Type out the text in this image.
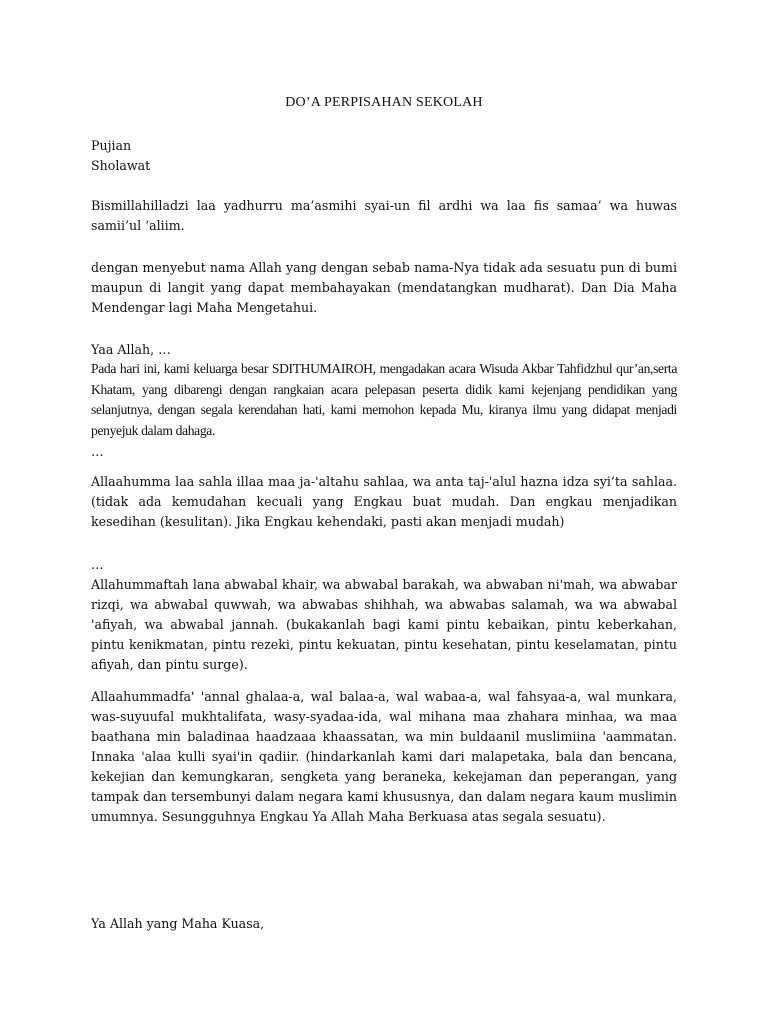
DO’A PERPISAHAN SEKOLAH
Pujian
Sholawat
Bismillahilladzi laa yadhurru ma’asmihi syai-un fil ardhi wa laa fis samaa’ wa huwas samii’ul ‘aliim.
dengan menyebut nama Allah yang dengan sebab nama-Nya tidak ada sesuatu pun di bumi maupun di langit yang dapat membahayakan (mendatangkan mudharat). Dan Dia Maha Mendengar lagi Maha Mengetahui.
Yaa Allah, …
Pada hari ini, kami keluarga besar SDITHUMAIROH, mengadakan acara Wisuda Akbar Tahfidzhul qur’an,serta Khatam, yang dibarengi dengan rangkaian acara pelepasan peserta didik kami kejenjang pendidikan yang selanjutnya, dengan segala kerendahan hati, kami memohon kepada Mu, kiranya ilmu yang didapat menjadi penyejuk dalam dahaga.
…
Allaahumma laa sahla illaa maa ja-'altahu sahlaa, wa anta taj-'alul hazna idza syi’ta sahlaa. (tidak ada kemudahan kecuali yang Engkau buat mudah. Dan engkau menjadikan kesedihan (kesulitan). Jika Engkau kehendaki, pasti akan menjadi mudah)
…
Allahummaftah lana abwabal khair, wa abwabal barakah, wa abwaban ni'mah, wa abwabar rizqi, wa abwabal quwwah, wa abwabas shihhah, wa abwabas salamah, wa wa abwabal 'afiyah, wa abwabal jannah. (bukakanlah bagi kami pintu kebaikan, pintu keberkahan, pintu kenikmatan, pintu rezeki, pintu kekuatan, pintu kesehatan, pintu keselamatan, pintu afiyah, dan pintu surge).
Allaahummadfa' 'annal ghalaa-a, wal balaa-a, wal wabaa-a, wal fahsyaa-a, wal munkara, was-suyuufal mukhtalifata, wasy-syadaa-ida, wal mihana maa zhahara minhaa, wa maa baathana min baladinaa haadzaaa khaassatan, wa min buldaanil muslimiina 'aammatan. Innaka 'alaa kulli syai'in qadiir. (hindarkanlah kami dari malapetaka, bala dan bencana, kekejian dan kemungkaran, sengketa yang beraneka, kekejaman dan peperangan, yang tampak dan tersembunyi dalam negara kami khususnya, dan dalam negara kaum muslimin umumnya. Sesungguhnya Engkau Ya Allah Maha Berkuasa atas segala sesuatu).
Ya Allah yang Maha Kuasa,
